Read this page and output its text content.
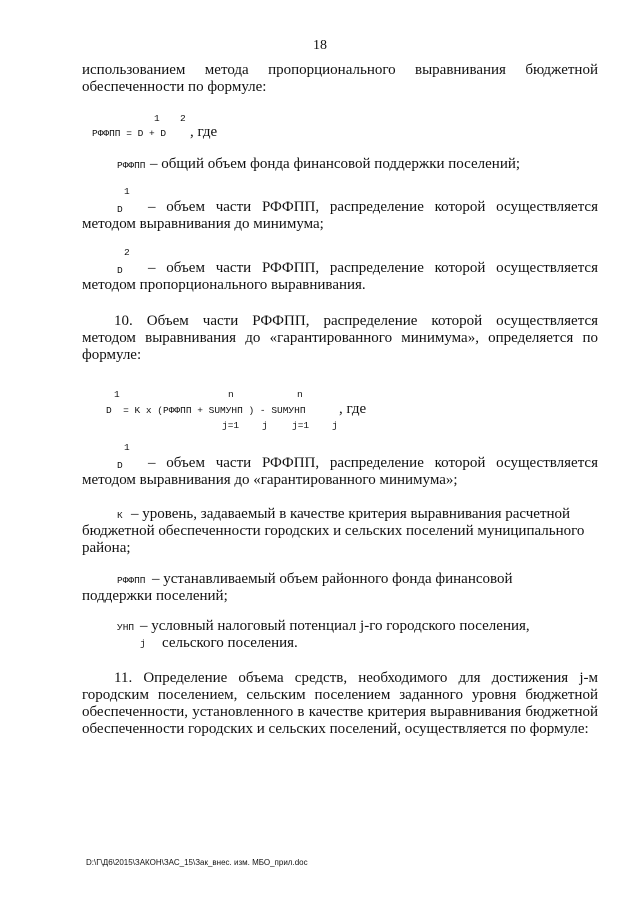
18
использованием метода пропорционального выравнивания бюджетной
обеспеченности по формуле:
1 2
РФФПП = D + D , где
РФФПП – общий объем фонда финансовой поддержки поселений;
1
D – объем части РФФПП, распределение которой осуществляется
методом выравнивания до минимума;
2
D – объем части РФФПП, распределение которой осуществляется
методом пропорционального выравнивания.
10. Объем части РФФПП, распределение которой осуществляется
методом выравнивания до «гарантированного минимума», определяется по
формуле:
1	n	n
D  = K x (РФФПП + SUMУНП ) - SUMУНП , где
j=1 j	j=1 j
1
D – объем части РФФПП, распределение которой осуществляется
методом выравнивания до «гарантированного минимума»;
К – уровень, задаваемый в качестве критерия выравнивания расчетной
бюджетной обеспеченности городских и сельских поселений муниципального
района;
РФФПП – устанавливаемый объем районного фонда финансовой
поддержки поселений;
УНП – условный налоговый потенциал j-го городского поселения,
j сельского поселения.
11. Определение объема средств, необходимого для достижения j-м
городским поселением, сельским поселением заданного уровня бюджетной
обеспеченности, установленного в качестве критерия выравнивания бюджетной
обеспеченности городских и сельских поселений, осуществляется по формуле:
D:\Г\Д6\2015\ЗАКОН\ЗАС_15\Зак_внес. изм. МБО_прил.doc
